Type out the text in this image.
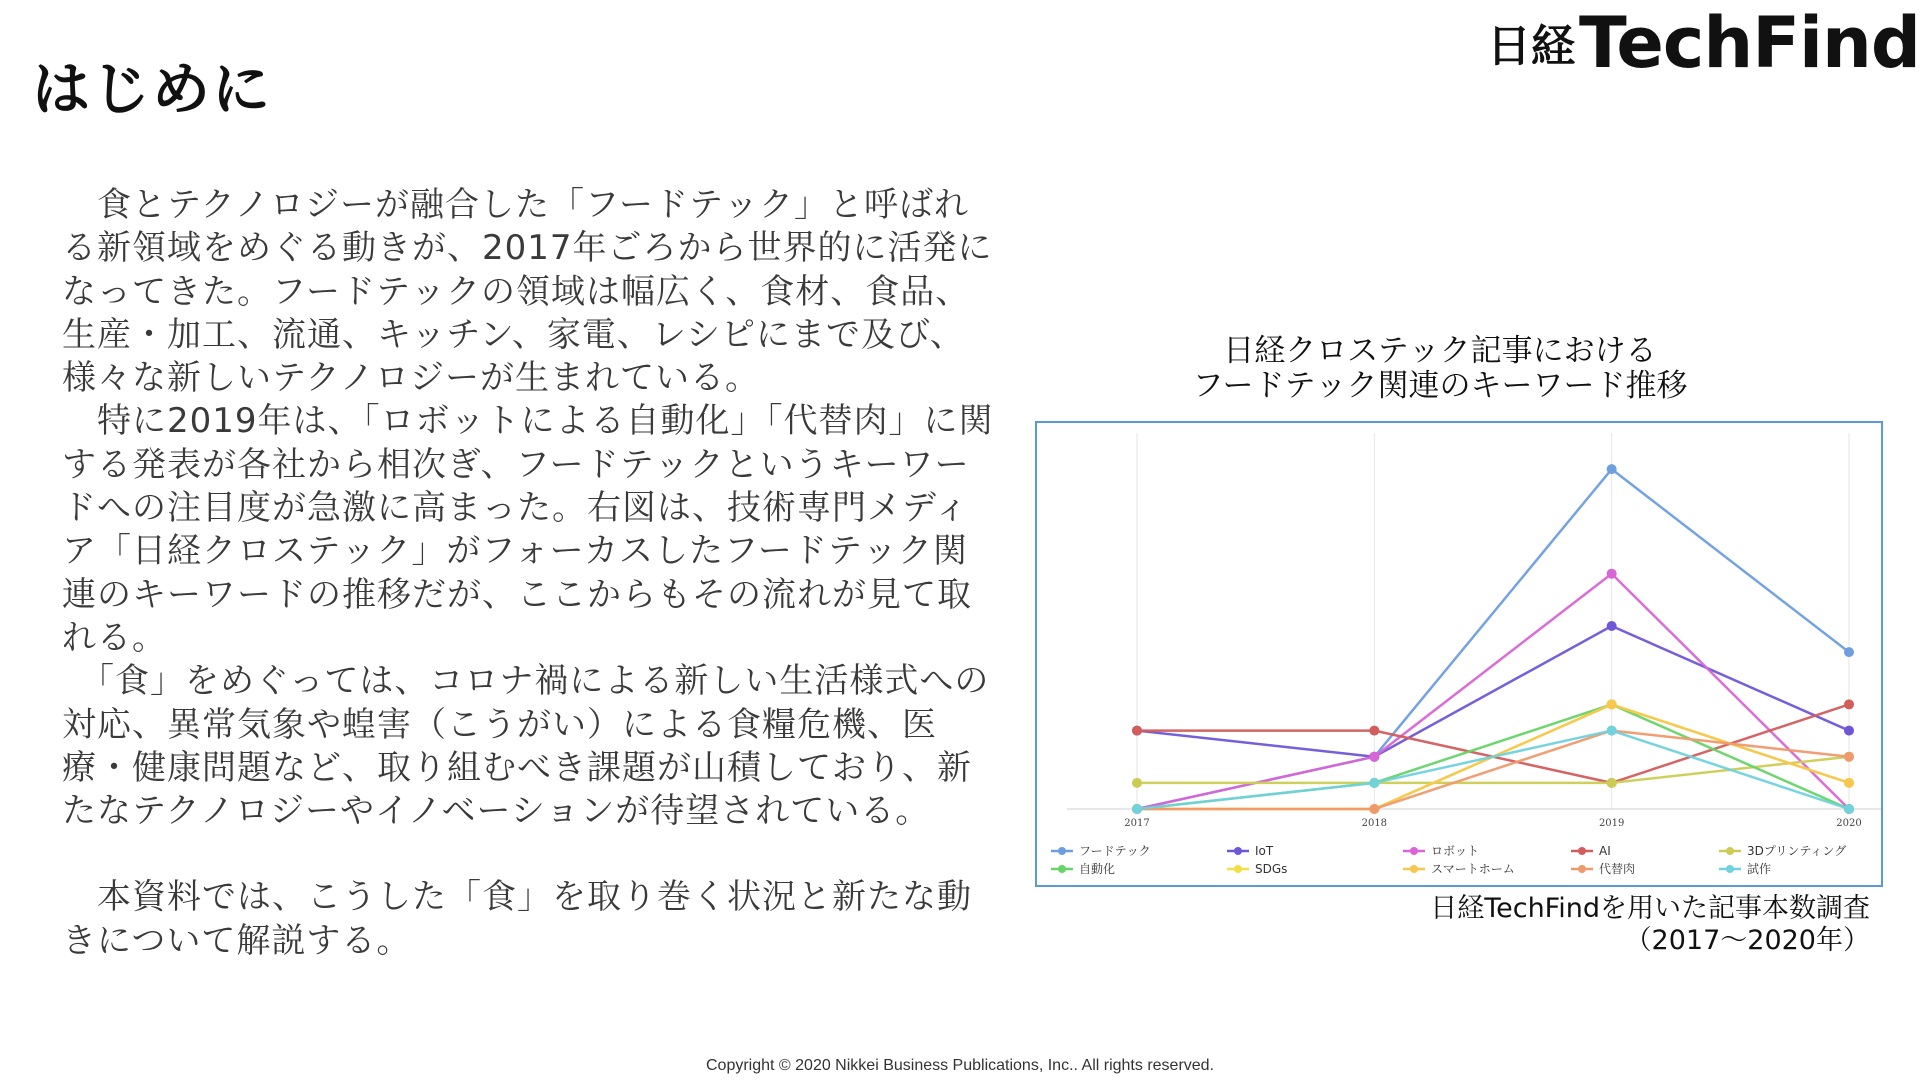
はじめに
日経TechFind

　食とテクノロジーが融合した「フードテック」と呼ばれる新領域をめぐる動きが、2017年ごろから世界的に活発になってきた。フードテックの領域は幅広く、食材、食品、生産・加工、流通、キッチン、家電、レシピにまで及び、様々な新しいテクノロジーが生まれている。

　特に2019年は、「ロボットによる自動化」「代替肉」に関する発表が各社から相次ぎ、フードテックというキーワードへの注目度が急激に高まった。右図は、技術専門メディア「日経クロステック」がフォーカスしたフードテック関連のキーワードの推移だが、ここからもその流れが見て取れる。

　「食」をめぐっては、コロナ禍による新しい生活様式への対応、異常気象や蝗害（こうがい）による食糧危機、医療・健康問題など、取り組むべき課題が山積しており、新たなテクノロジーやイノベーションが待望されている。

　本資料では、こうした「食」を取り巻く状況と新たな動きについて解説する。

日経クロステック記事における
フードテック関連のキーワード推移
2017	2018	2019	2020
フードテック	IoT	ロボット	AI	3Dプリンティング
自動化	SDGs	スマートホーム	代替肉	試作
日経TechFindを用いた記事本数調査
（2017～2020年）
Copyright © 2020 Nikkei Business Publications, Inc.. All rights reserved.
